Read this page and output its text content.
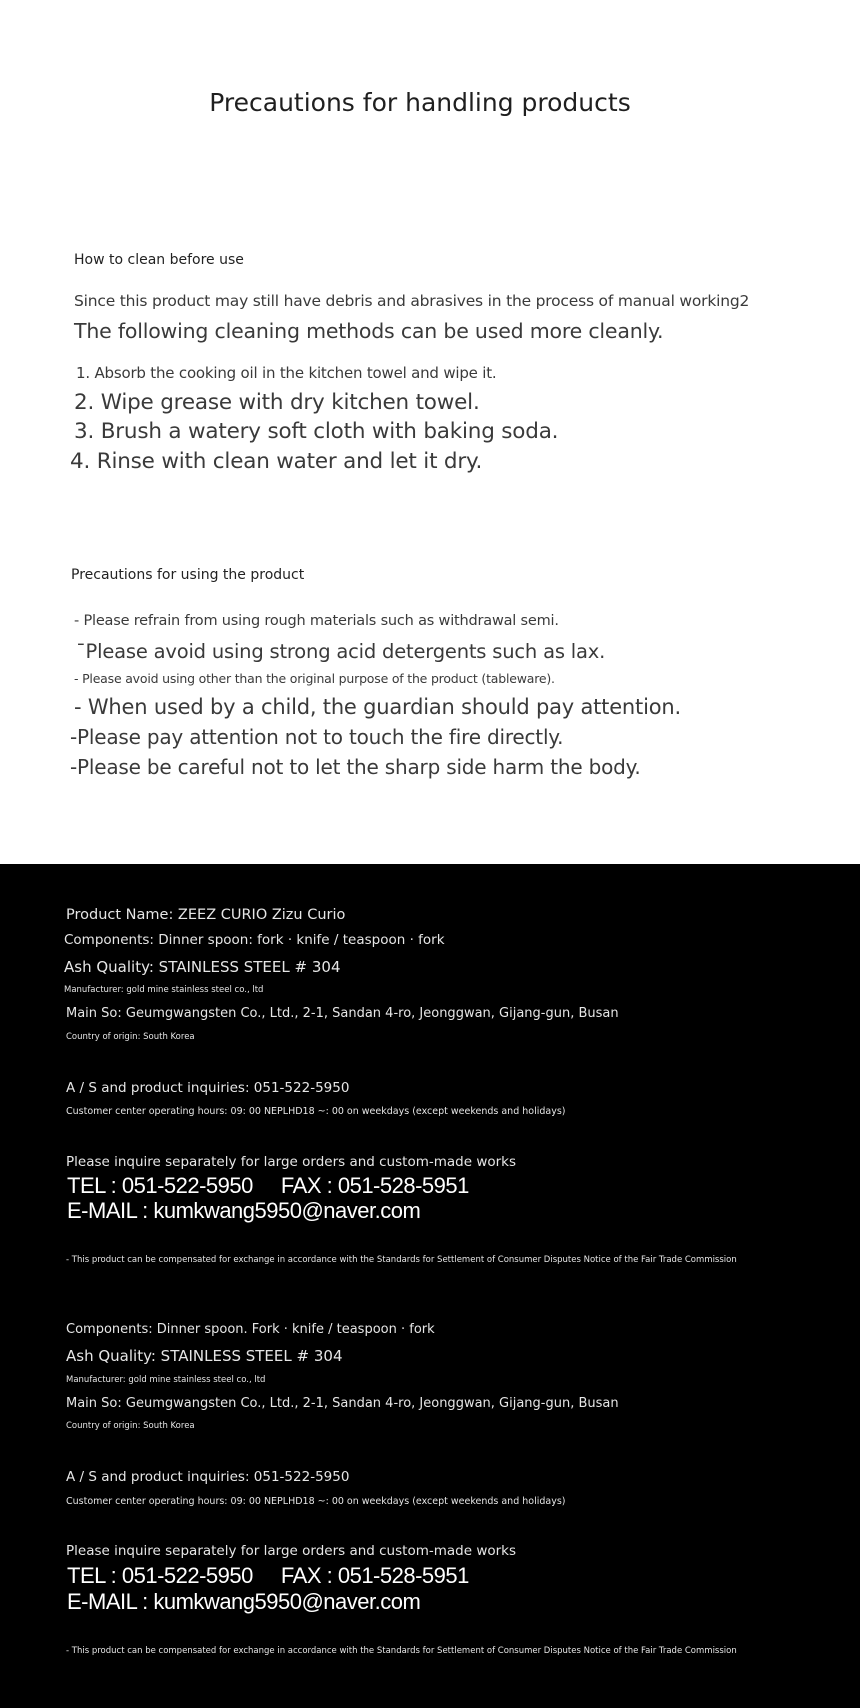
Precautions for handling products

How to clean before use

Since this product may still have debris and abrasives in the process of manual working2

The following cleaning methods can be used more cleanly.

1. Absorb the cooking oil in the kitchen towel and wipe it.

2. Wipe grease with dry kitchen towel.

3. Brush a watery soft cloth with baking soda.

4. Rinse with clean water and let it dry.

Precautions for using the product

- Please refrain from using rough materials such as withdrawal semi.

¯Please avoid using strong acid detergents such as lax.

- Please avoid using other than the original purpose of the product (tableware).

- When used by a child, the guardian should pay attention.

-Please pay attention not to touch the fire directly.

-Please be careful not to let the sharp side harm the body.

Product Name: ZEEZ CURIO Zizu Curio

Components: Dinner spoon: fork · knife / teaspoon · fork

Ash Quality: STAINLESS STEEL # 304

Manufacturer: gold mine stainless steel co., ltd

Main So: Geumgwangsten Co., Ltd., 2-1, Sandan 4-ro, Jeonggwan, Gijang-gun, Busan

Country of origin: South Korea

A / S and product inquiries: 051-522-5950

Customer center operating hours: 09: 00 NEPLHD18 ~: 00 on weekdays (except weekends and holidays)

Please inquire separately for large orders and custom-made works

TEL : 051-522-5950     FAX : 051-528-5951

E-MAIL : kumkwang5950@naver.com

- This product can be compensated for exchange in accordance with the Standards for Settlement of Consumer Disputes Notice of the Fair Trade Commission

Components: Dinner spoon. Fork · knife / teaspoon · fork

Ash Quality: STAINLESS STEEL # 304

Manufacturer: gold mine stainless steel co., ltd

Main So: Geumgwangsten Co., Ltd., 2-1, Sandan 4-ro, Jeonggwan, Gijang-gun, Busan

Country of origin: South Korea

A / S and product inquiries: 051-522-5950

Customer center operating hours: 09: 00 NEPLHD18 ~: 00 on weekdays (except weekends and holidays)

Please inquire separately for large orders and custom-made works

TEL : 051-522-5950     FAX : 051-528-5951

E-MAIL : kumkwang5950@naver.com

- This product can be compensated for exchange in accordance with the Standards for Settlement of Consumer Disputes Notice of the Fair Trade Commission
